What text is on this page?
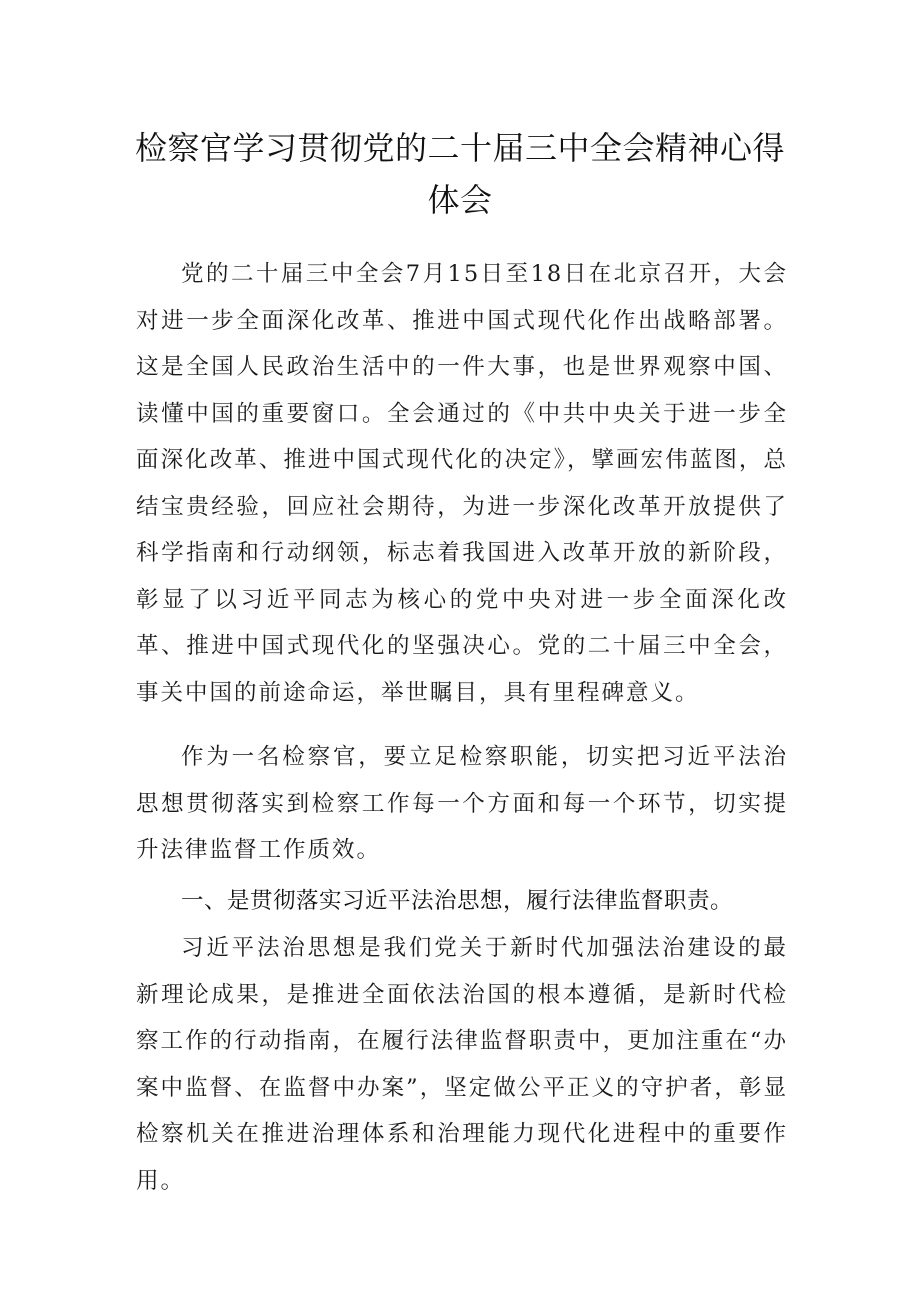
检察官学习贯彻党的二十届三中全会精神心得
体会

党的二十届三中全会7月15日至18日在北京召开，大会对进一步全面深化改革、推进中国式现代化作出战略部署。这是全国人民政治生活中的一件大事，也是世界观察中国、读懂中国的重要窗口。全会通过的《中共中央关于进一步全面深化改革、推进中国式现代化的决定》，擘画宏伟蓝图，总结宝贵经验，回应社会期待，为进一步深化改革开放提供了科学指南和行动纲领，标志着我国进入改革开放的新阶段，彰显了以习近平同志为核心的党中央对进一步全面深化改革、推进中国式现代化的坚强决心。党的二十届三中全会，事关中国的前途命运，举世瞩目，具有里程碑意义。

作为一名检察官，要立足检察职能，切实把习近平法治思想贯彻落实到检察工作每一个方面和每一个环节，切实提升法律监督工作质效。

一、是贯彻落实习近平法治思想，履行法律监督职责。

习近平法治思想是我们党关于新时代加强法治建设的最新理论成果，是推进全面依法治国的根本遵循，是新时代检察工作的行动指南，在履行法律监督职责中，更加注重在“办案中监督、在监督中办案”，坚定做公平正义的守护者，彰显检察机关在推进治理体系和治理能力现代化进程中的重要作用。
